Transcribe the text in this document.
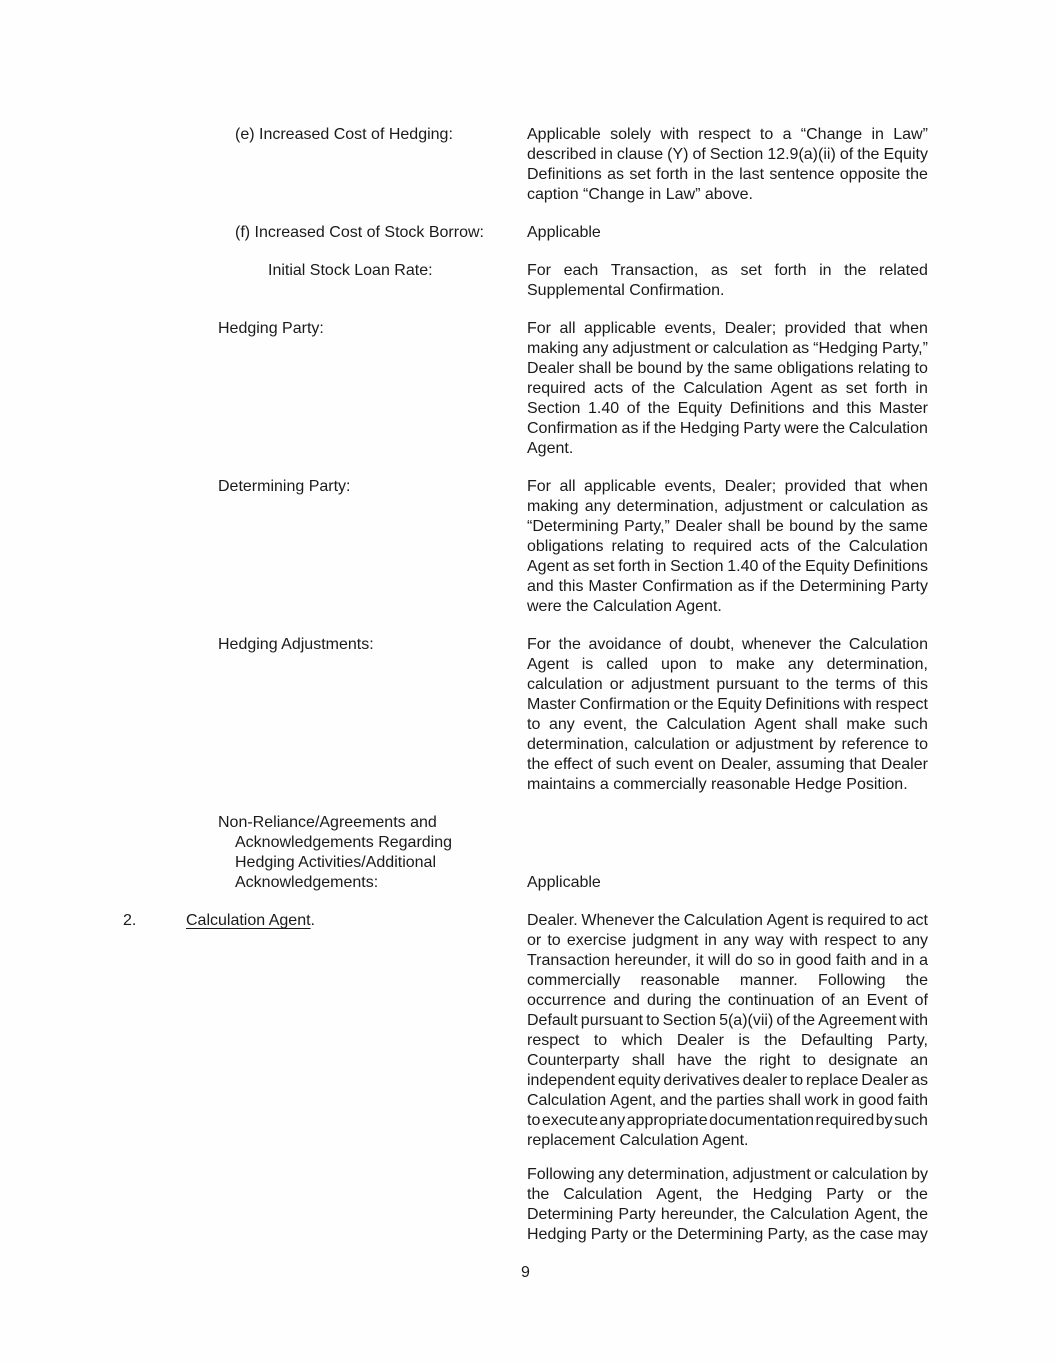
(e) Increased Cost of Hedging:	Applicable solely with respect to a “Change in Law”
described in clause (Y) of Section 12.9(a)(ii) of the Equity
Definitions as set forth in the last sentence opposite the
caption “Change in Law” above.
(f) Increased Cost of Stock Borrow:	Applicable
Initial Stock Loan Rate:	For each Transaction, as set forth in the related
Supplemental Confirmation.
Hedging Party:	For all applicable events, Dealer; provided that when
making any adjustment or calculation as “Hedging Party,”
Dealer shall be bound by the same obligations relating to
required acts of the Calculation Agent as set forth in
Section 1.40 of the Equity Definitions and this Master
Confirmation as if the Hedging Party were the Calculation
Agent.
Determining Party:	For all applicable events, Dealer; provided that when
making any determination, adjustment or calculation as
“Determining Party,” Dealer shall be bound by the same
obligations relating to required acts of the Calculation
Agent as set forth in Section 1.40 of the Equity Definitions
and this Master Confirmation as if the Determining Party
were the Calculation Agent.
Hedging Adjustments:	For the avoidance of doubt, whenever the Calculation
Agent is called upon to make any determination,
calculation or adjustment pursuant to the terms of this
Master Confirmation or the Equity Definitions with respect
to any event, the Calculation Agent shall make such
determination, calculation or adjustment by reference to
the effect of such event on Dealer, assuming that Dealer
maintains a commercially reasonable Hedge Position.
Non-Reliance/Agreements and
Acknowledgements Regarding
Hedging Activities/Additional
Acknowledgements:	Applicable
2.	Calculation Agent.	Dealer. Whenever the Calculation Agent is required to act
or to exercise judgment in any way with respect to any
Transaction hereunder, it will do so in good faith and in a
commercially reasonable manner. Following the
occurrence and during the continuation of an Event of
Default pursuant to Section 5(a)(vii) of the Agreement with
respect to which Dealer is the Defaulting Party,
Counterparty shall have the right to designate an
independent equity derivatives dealer to replace Dealer as
Calculation Agent, and the parties shall work in good faith
to execute any appropriate documentation required by such
replacement Calculation Agent.
Following any determination, adjustment or calculation by
the Calculation Agent, the Hedging Party or the
Determining Party hereunder, the Calculation Agent, the
Hedging Party or the Determining Party, as the case may
9
